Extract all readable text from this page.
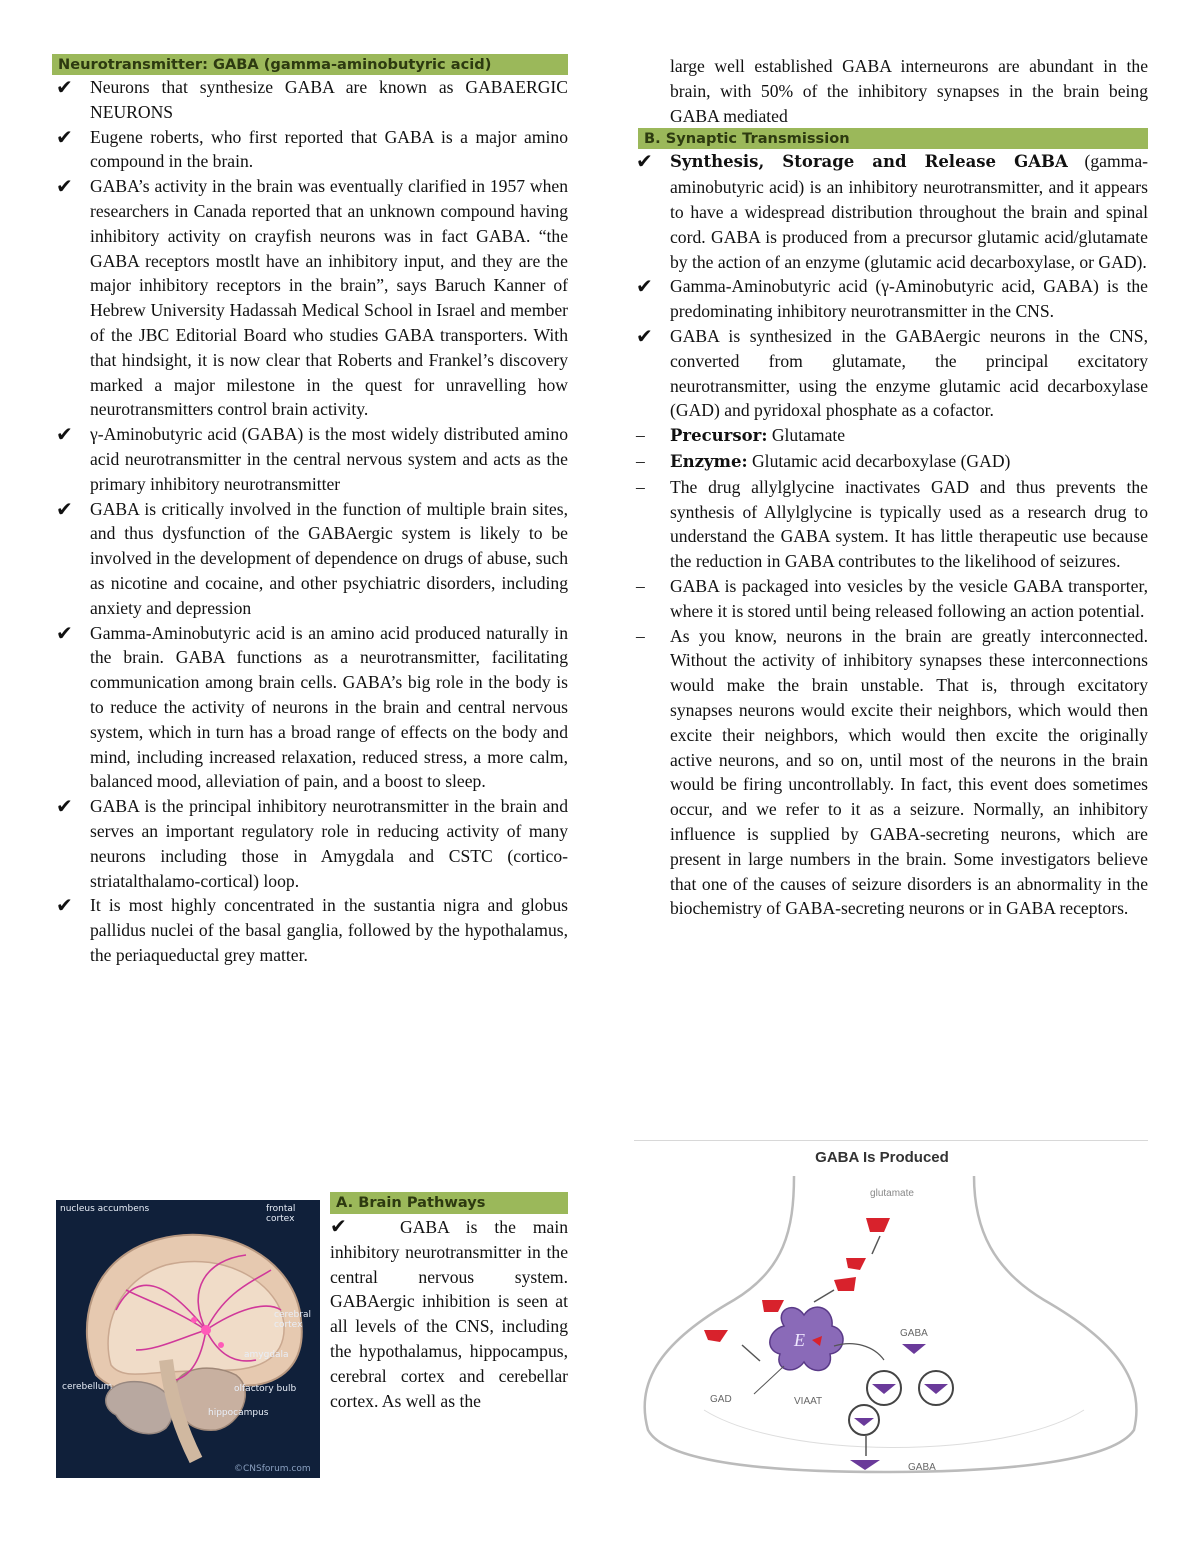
Neurotransmitter: GABA (gamma-aminobutyric acid)
✔ Neurons that synthesize GABA are known as GABAERGIC NEURONS
✔ Eugene roberts, who first reported that GABA is a major amino compound in the brain.
✔ GABA’s activity in the brain was eventually clarified in 1957 when researchers in Canada reported that an unknown compound having inhibitory activity on crayfish neurons was in fact GABA. “the GABA receptors mostlt have an inhibitory input, and they are the major inhibitory receptors in the brain”, says Baruch Kanner of Hebrew University Hadassah Medical School in Israel and member of the JBC Editorial Board who studies GABA transporters. With that hindsight, it is now clear that Roberts and Frankel’s discovery marked a major milestone in the quest for unravelling how neurotransmitters control brain activity.
✔ γ-Aminobutyric acid (GABA) is the most widely distributed amino acid neurotransmitter in the central nervous system and acts as the primary inhibitory neurotransmitter
✔ GABA is critically involved in the function of multiple brain sites, and thus dysfunction of the GABAergic system is likely to be involved in the development of dependence on drugs of abuse, such as nicotine and cocaine, and other psychiatric disorders, including anxiety and depression
✔ Gamma-Aminobutyric acid is an amino acid produced naturally in the brain. GABA functions as a neurotransmitter, facilitating communication among brain cells. GABA’s big role in the body is to reduce the activity of neurons in the brain and central nervous system, which in turn has a broad range of effects on the body and mind, including increased relaxation, reduced stress, a more calm, balanced mood, alleviation of pain, and a boost to sleep.
✔ GABA is the principal inhibitory neurotransmitter in the brain and serves an important regulatory role in reducing activity of many neurons including those in Amygdala and CSTC (cortico-striatalthalamo-cortical) loop.
✔ It is most highly concentrated in the sustantia nigra and globus pallidus nuclei of the basal ganglia, followed by the hypothalamus, the periaqueductal grey matter.
nucleus accumbens	frontal cortex
cerebral cortex
amygdala
cerebellum	olfactory bulb
hippocampus
©CNSforum.com
A. Brain Pathways

✔	GABA is the main inhibitory neurotransmitter in the central nervous system. GABAergic inhibition is seen at all levels of the CNS, including the hypothalamus, hippocampus, cerebral cortex and cerebellar cortex. As well as the

large well established GABA interneurons are abundant in the brain, with 50% of the inhibitory synapses in the brain being GABA mediated

B. Synaptic Transmission
✔ Synthesis, Storage and Release GABA (gamma-aminobutyric acid) is an inhibitory neurotransmitter, and it appears to have a widespread distribution throughout the brain and spinal cord. GABA is produced from a precursor glutamic acid/glutamate by the action of an enzyme (glutamic acid decarboxylase, or GAD).
✔ Gamma-Aminobutyric acid (γ-Aminobutyric acid, GABA) is the predominating inhibitory neurotransmitter in the CNS.
✔ GABA is synthesized in the GABAergic neurons in the CNS, converted from glutamate, the principal excitatory neurotransmitter, using the enzyme glutamic acid decarboxylase (GAD) and pyridoxal phosphate as a cofactor.
– Precursor: Glutamate
– Enzyme: Glutamic acid decarboxylase (GAD)
– The drug allylglycine inactivates GAD and thus prevents the synthesis of Allylglycine is typically used as a research drug to understand the GABA system. It has little therapeutic use because the reduction in GABA contributes to the likelihood of seizures.
– GABA is packaged into vesicles by the vesicle GABA transporter, where it is stored until being released following an action potential.
– As you know, neurons in the brain are greatly interconnected. Without the activity of inhibitory synapses these interconnections would make the brain unstable. That is, through excitatory synapses neurons would excite their neighbors, which would then excite their neighbors, which would then excite the originally active neurons, and so on, until most of the neurons in the brain would be firing uncontrollably. In fact, this event does sometimes occur, and we refer to it as a seizure. Normally, an inhibitory influence is supplied by GABA-secreting neurons, which are present in large numbers in the brain. Some investigators believe that one of the causes of seizure disorders is an abnormality in the biochemistry of GABA-secreting neurons or in GABA receptors.
GABA Is Produced
glutamate
E
GAD
GABA
VIAAT
GABA
